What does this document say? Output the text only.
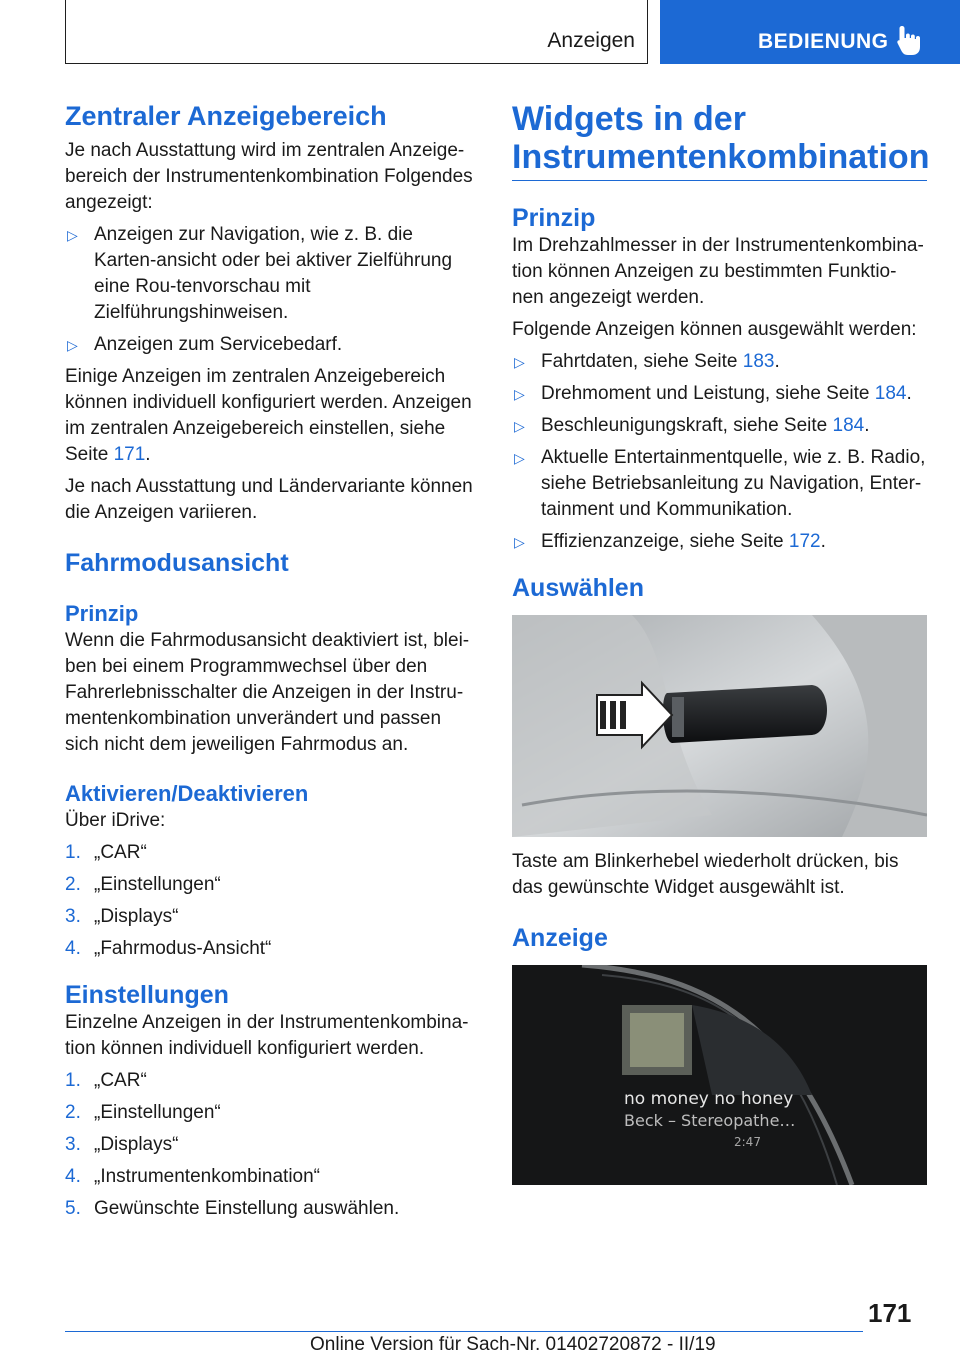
Anzeigen	BEDIENUNG
Zentraler Anzeigebereich

Je nach Ausstattung wird im zentralen Anzeige-bereich der Instrumentenkombination Folgendes angezeigt:

▷ Anzeigen zur Navigation, wie z. B. die Karten-ansicht oder bei aktiver Zielführung eine Rou-tenvorschau mit Zielführungshinweisen.
▷ Anzeigen zum Servicebedarf.

Einige Anzeigen im zentralen Anzeigebereich können individuell konfiguriert werden. Anzeigen im zentralen Anzeigebereich einstellen, siehe Seite 171.

Je nach Ausstattung und Ländervariante können die Anzeigen variieren.

Fahrmodusansicht
Prinzip

Wenn die Fahrmodusansicht deaktiviert ist, blei-ben bei einem Programmwechsel über den Fahrerlebnisschalter die Anzeigen in der Instru-mentenkombination unverändert und passen sich nicht dem jeweiligen Fahrmodus an.

Aktivieren/Deaktivieren

Über iDrive:

1. „CAR“
2. „Einstellungen“
3. „Displays“
4. „Fahrmodus-Ansicht“
Einstellungen

Einzelne Anzeigen in der Instrumentenkombina-tion können individuell konfiguriert werden.

1. „CAR“
2. „Einstellungen“
3. „Displays“
4. „Instrumentenkombination“
5. Gewünschte Einstellung auswählen.
Widgets in der Instrumentenkombination
Prinzip

Im Drehzahlmesser in der Instrumentenkombina-tion können Anzeigen zu bestimmten Funktio-nen angezeigt werden.

Folgende Anzeigen können ausgewählt werden:

▷ Fahrtdaten, siehe Seite 183.
▷ Drehmoment und Leistung, siehe Seite 184.
▷ Beschleunigungskraft, siehe Seite 184.
▷ Aktuelle Entertainmentquelle, wie z. B. Radio, siehe Betriebsanleitung zu Navigation, Enter-tainment und Kommunikation.
▷ Effizienzanzeige, siehe Seite 172.
Auswählen

Taste am Blinkerhebel wiederholt drücken, bis das gewünschte Widget ausgewählt ist.

Anzeige
no money no honey
Beck – Stereopathe…
2:47
171
Online Version für Sach-Nr. 01402720872 - II/19
